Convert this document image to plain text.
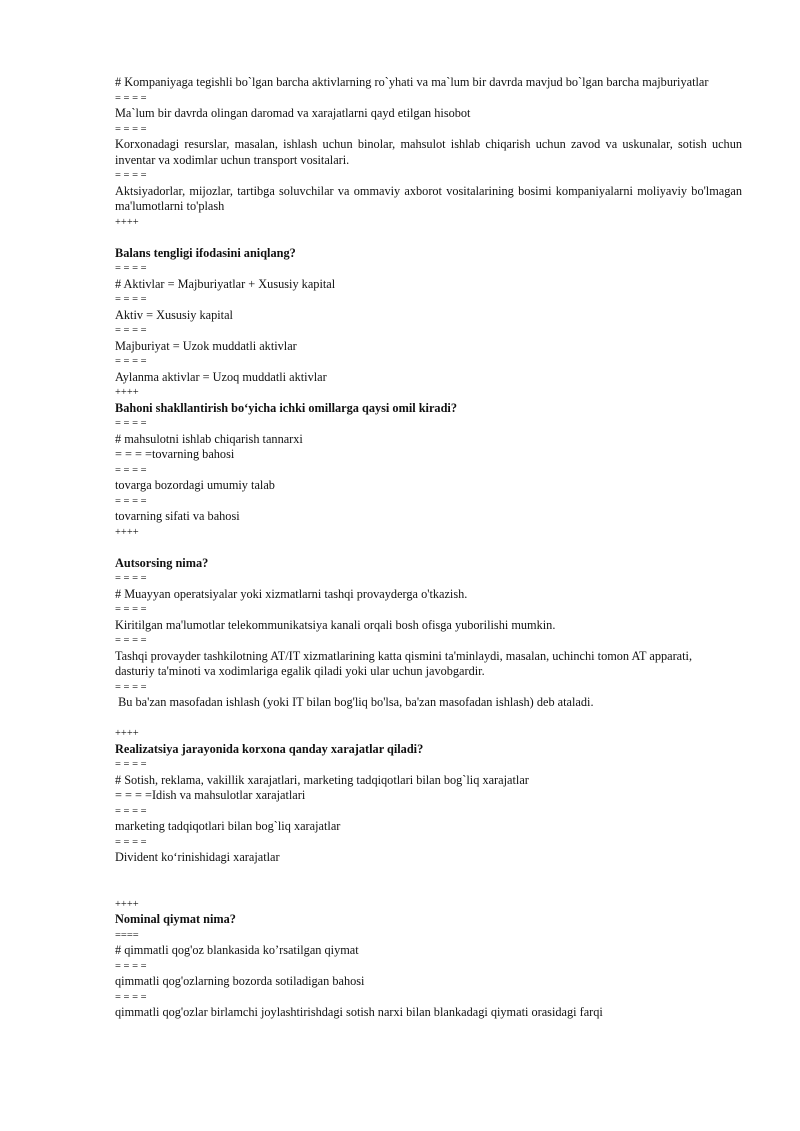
# Kompaniyaga tegishli bo`lgan barcha aktivlarning ro`yhati va ma`lum bir davrda mavjud bo`lgan barcha majburiyatlar
= = = =
Ma`lum bir davrda olingan daromad va xarajatlarni qayd etilgan hisobot
= = = =
Korxonadagi resurslar, masalan, ishlash uchun binolar, mahsulot ishlab chiqarish uchun zavod va uskunalar, sotish uchun inventar va xodimlar uchun transport vositalari.
= = = =
Aktsiyadorlar, mijozlar, tartibga soluvchilar va ommaviy axborot vositalarining bosimi kompaniyalarni moliyaviy bo'lmagan ma'lumotlarni to'plash
++++
Balans tengligi ifodasini aniqlang?
= = = =
# Aktivlar = Majburiyatlar + Xususiy kapital
= = = =
Aktiv = Xususiy kapital
= = = =
Majburiyat = Uzok muddatli aktivlar
= = = =
Aylanma aktivlar = Uzoq muddatli aktivlar
++++
Bahoni shakllantirish bo‘yicha ichki omillarga qaysi omil kiradi?
= = = =
# mahsulotni ishlab chiqarish tannarxi
= = = =tovarning bahosi
= = = =
tovarga bozordagi umumiy talab
= = = =
tovarning sifati va bahosi
++++
Autsorsing nima?
= = = =
# Muayyan operatsiyalar yoki xizmatlarni tashqi provayderga o'tkazish.
= = = =
Kiritilgan ma'lumotlar telekommunikatsiya kanali orqali bosh ofisga yuborilishi mumkin.
= = = =
Tashqi provayder tashkilotning AT/IT xizmatlarining katta qismini ta'minlaydi, masalan, uchinchi tomon AT apparati,
dasturiy ta'minoti va xodimlariga egalik qiladi yoki ular uchun javobgardir.
= = = =
Bu ba'zan masofadan ishlash (yoki IT bilan bog'liq bo'lsa, ba'zan masofadan ishlash) deb ataladi.
++++
Realizatsiya jarayonida korxona qanday xarajatlar qiladi?
= = = =
# Sotish, reklama, vakillik xarajatlari, marketing tadqiqotlari bilan bog`liq xarajatlar
= = = =Idish va mahsulotlar xarajatlari
= = = =
marketing tadqiqotlari bilan bog`liq xarajatlar
= = = =
Divident ko‘rinishidagi xarajatlar
++++
Nominal qiymat nima?
====
# qimmatli qog'oz blankasida ko’rsatilgan qiymat
= = = =
qimmatli qog'ozlarning bozorda sotiladigan bahosi
= = = =
qimmatli qog'ozlar birlamchi joylashtirishdagi sotish narxi bilan blankadagi qiymati orasidagi farqi
